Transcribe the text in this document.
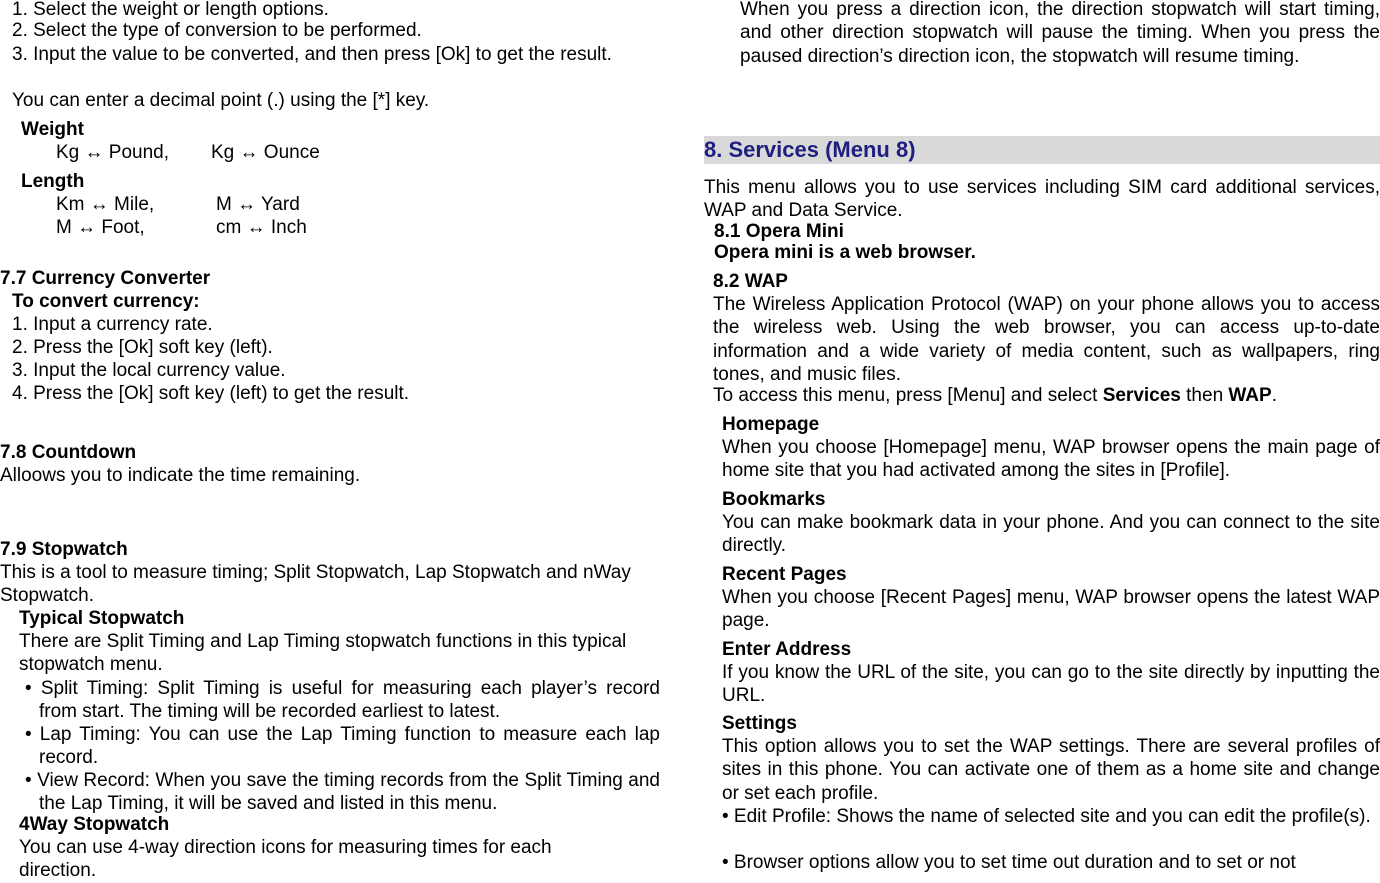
1. Select the weight or length options.
2. Select the type of conversion to be performed.
3. Input the value to be converted, and then press [Ok] to get the result.
You can enter a decimal point (.) using the [*] key.
Weight
Kg ↔ Pound, Kg ↔ Ounce
Length
Km ↔ Mile,	M ↔ Yard
M ↔ Foot,	cm ↔ Inch
7.7 Currency Converter
To convert currency:
1. Input a currency rate.
2. Press the [Ok] soft key (left).
3. Input the local currency value.
4. Press the [Ok] soft key (left) to get the result.
7.8 Countdown
Alloows you to indicate the time remaining.
7.9 Stopwatch
This is a tool to measure timing; Split Stopwatch, Lap Stopwatch and nWay Stopwatch.
Typical Stopwatch
There are Split Timing and Lap Timing stopwatch functions in this typical stopwatch menu.
• Split Timing: Split Timing is useful for measuring each player’s record from start. The timing will be recorded earliest to latest.
• Lap Timing: You can use the Lap Timing function to measure each lap record.
• View Record: When you save the timing records from the Split Timing and the Lap Timing, it will be saved and listed in this menu.
4Way Stopwatch
You can use 4-way direction icons for measuring times for each direction.
When you press a direction icon, the direction stopwatch will start timing, and other direction stopwatch will pause the timing. When you press the paused direction’s direction icon, the stopwatch will resume timing.
8. Services (Menu 8)
This menu allows you to use services including SIM card additional services, WAP and Data Service.
8.1 Opera Mini
Opera mini is a web browser.
8.2 WAP
The Wireless Application Protocol (WAP) on your phone allows you to access the wireless web. Using the web browser, you can access up-to-date information and a wide variety of media content, such as wallpapers, ring tones, and music files.
To access this menu, press [Menu] and select Services then WAP.
Homepage
When you choose [Homepage] menu, WAP browser opens the main page of home site that you had activated among the sites in [Profile].
Bookmarks
You can make bookmark data in your phone. And you can connect to the site directly.
Recent Pages
When you choose [Recent Pages] menu, WAP browser opens the latest WAP page.
Enter Address
If you know the URL of the site, you can go to the site directly by inputting the URL.
Settings
This option allows you to set the WAP settings. There are several profiles of sites in this phone. You can activate one of them as a home site and change or set each profile.
• Edit Profile: Shows the name of selected site and you can edit the profile(s).
• Browser options allow you to set time out duration and to set or not
